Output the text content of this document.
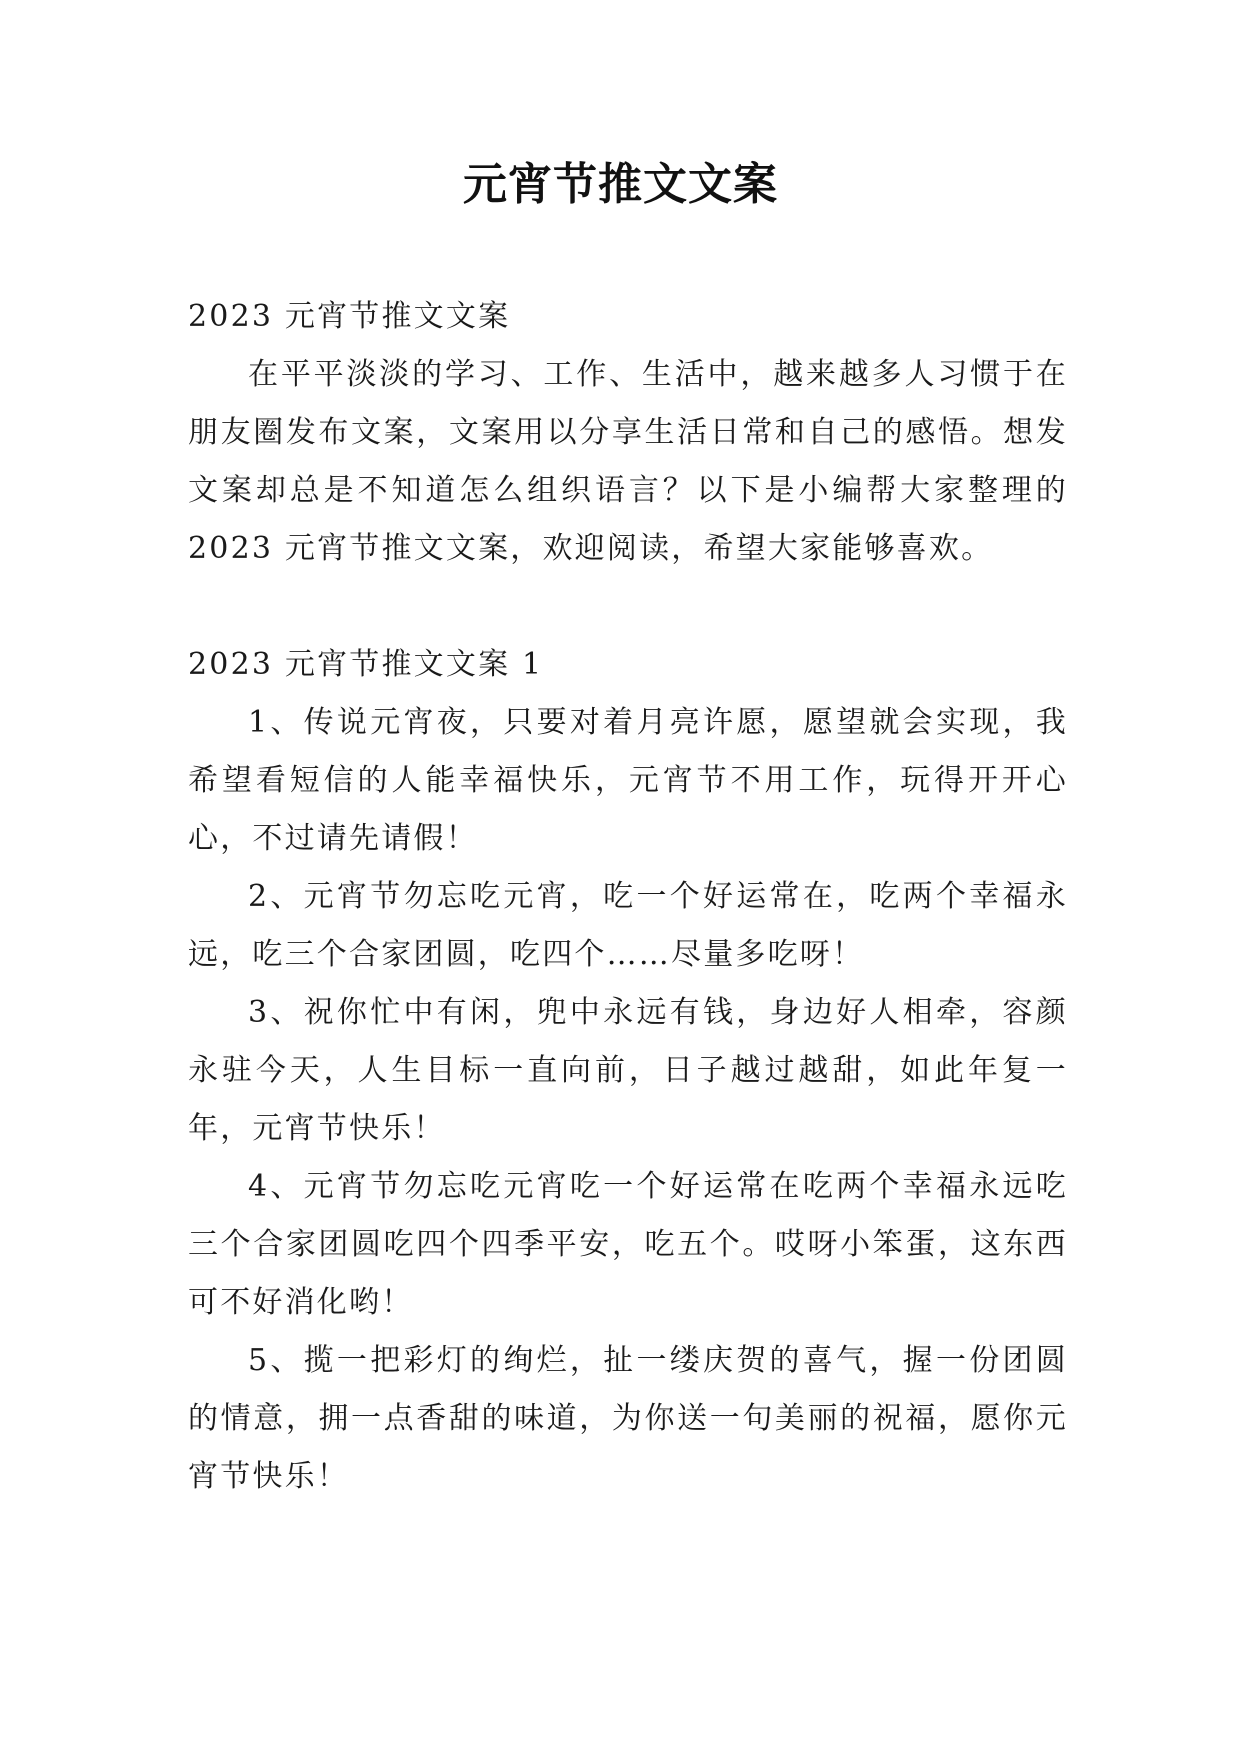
元宵节推文文案

2023 元宵节推文文案

在平平淡淡的学习、工作、生活中，越来越多人习惯于在朋友圈发布文案，文案用以分享生活日常和自己的感悟。想发文案却总是不知道怎么组织语言？以下是小编帮大家整理的 2023 元宵节推文文案，欢迎阅读，希望大家能够喜欢。

2023 元宵节推文文案 1

1、传说元宵夜，只要对着月亮许愿，愿望就会实现，我希望看短信的人能幸福快乐，元宵节不用工作，玩得开开心心，不过请先请假！

2、元宵节勿忘吃元宵，吃一个好运常在，吃两个幸福永远，吃三个合家团圆，吃四个……尽量多吃呀！

3、祝你忙中有闲，兜中永远有钱，身边好人相牵，容颜永驻今天，人生目标一直向前，日子越过越甜，如此年复一年，元宵节快乐！

4、元宵节勿忘吃元宵吃一个好运常在吃两个幸福永远吃三个合家团圆吃四个四季平安，吃五个。哎呀小笨蛋，这东西可不好消化哟！

5、揽一把彩灯的绚烂，扯一缕庆贺的喜气，握一份团圆的情意，拥一点香甜的味道，为你送一句美丽的祝福，愿你元宵节快乐！
